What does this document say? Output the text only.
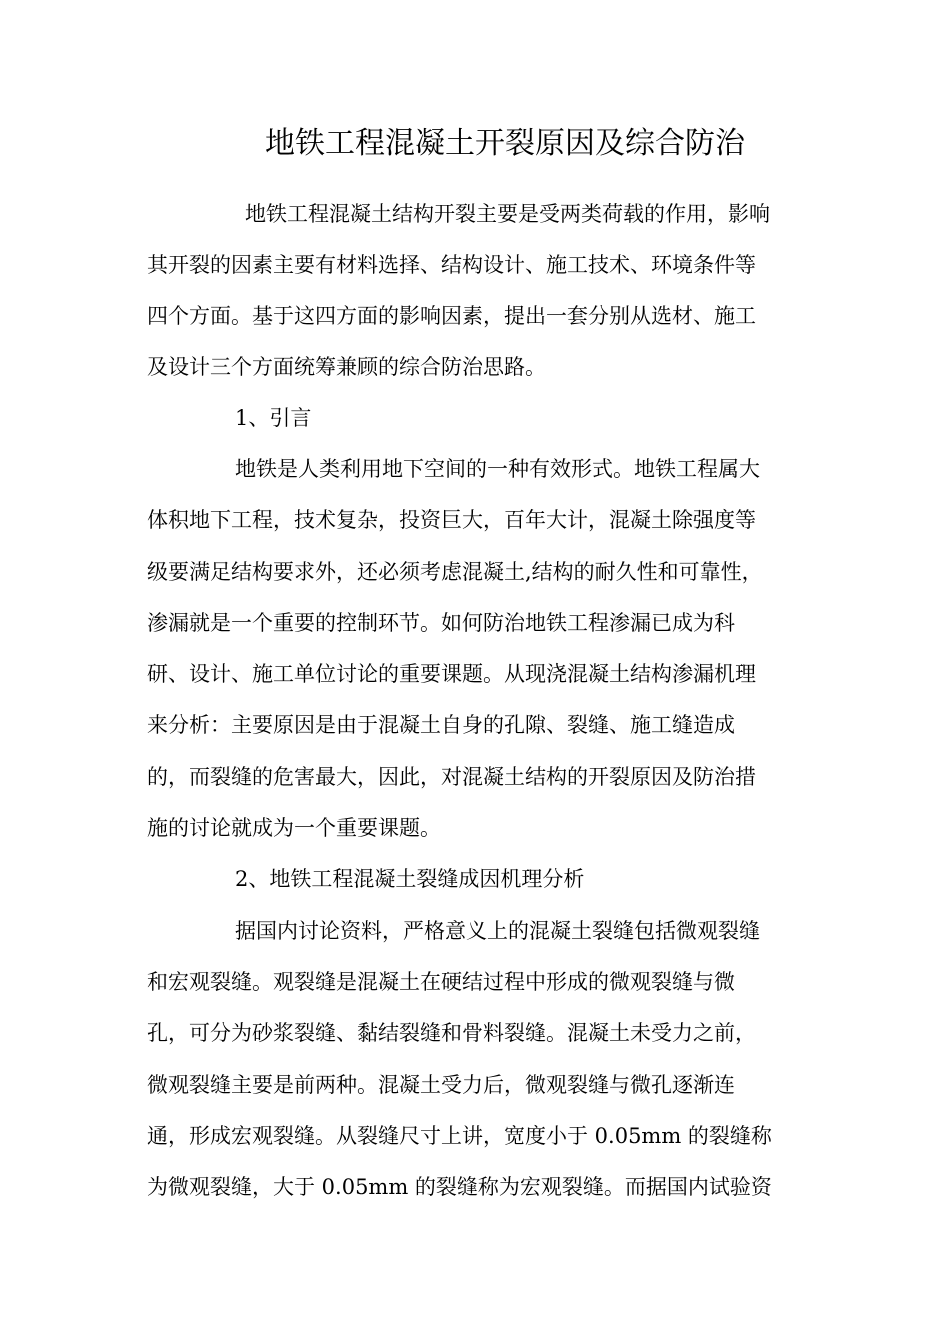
地铁工程混凝土开裂原因及综合防治
地铁工程混凝土结构开裂主要是受两类荷载的作用，影响
其开裂的因素主要有材料选择、结构设计、施工技术、环境条件等
四个方面。基于这四方面的影响因素，提出一套分别从选材、施工
及设计三个方面统筹兼顾的综合防治思路。
1、引言
地铁是人类利用地下空间的一种有效形式。地铁工程属大
体积地下工程，技术复杂，投资巨大，百年大计，混凝土除强度等
级要满足结构要求外，还必须考虑混凝土,结构的耐久性和可靠性，
渗漏就是一个重要的控制环节。如何防治地铁工程渗漏已成为科
研、设计、施工单位讨论的重要课题。从现浇混凝土结构渗漏机理
来分析：主要原因是由于混凝土自身的孔隙、裂缝、施工缝造成
的，而裂缝的危害最大，因此，对混凝土结构的开裂原因及防治措
施的讨论就成为一个重要课题。
2、地铁工程混凝土裂缝成因机理分析
据国内讨论资料，严格意义上的混凝土裂缝包括微观裂缝
和宏观裂缝。观裂缝是混凝土在硬结过程中形成的微观裂缝与微
孔，可分为砂浆裂缝、黏结裂缝和骨料裂缝。混凝土未受力之前，
微观裂缝主要是前两种。混凝土受力后，微观裂缝与微孔逐渐连
通，形成宏观裂缝。从裂缝尺寸上讲，宽度小于 0.05mm 的裂缝称
为微观裂缝，大于 0.05mm 的裂缝称为宏观裂缝。而据国内试验资
